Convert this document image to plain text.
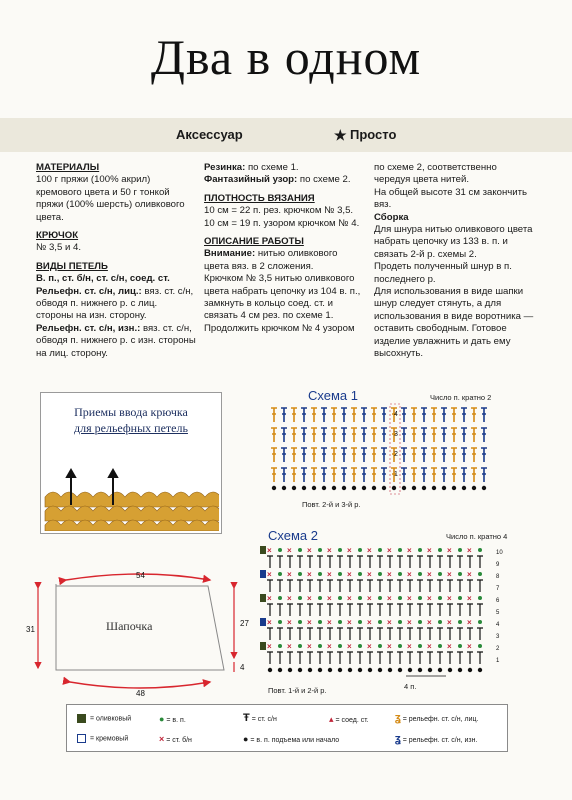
Два в одном
Аксессуар	★ Просто

МАТЕРИАЛЫ

100 г пряжи (100% акрил) кремового цвета и 50 г тонкой пряжи (100% шерсть) оливкового цвета.

КРЮЧОК

№ 3,5 и 4.

ВИДЫ ПЕТЕЛЬ

В. п., ст. б/н, ст. с/н, соед. ст.

Рельефн. ст. с/н, лиц.: вяз. ст. с/н, обводя п. нижнего р. с лиц. стороны на изн. сторону.

Рельефн. ст. с/н, изн.: вяз. ст. с/н, обводя п. нижнего р. с изн. стороны на лиц. сторону.

Резинка: по схеме 1.

Фантазийный узор: по схеме 2.

ПЛОТНОСТЬ ВЯЗАНИЯ

10 см = 22 п. рез. крючком № 3,5.

10 см = 19 п. узором крючком № 4.

ОПИСАНИЕ РАБОТЫ

Внимание: нитью оливкового цвета вяз. в 2 сложения.

Крючком № 3,5 нитью оливкового цвета набрать цепочку из 104 в. п., замкнуть в кольцо соед. ст. и связать 4 см рез. по схеме 1.

Продолжить крючком № 4 узором

по схеме 2, соответственно чередуя цвета нитей.

На общей высоте 31 см закончить вяз.

Сборка

Для шнура нитью оливкового цвета набрать цепочку из 133 в. п. и связать 2-й р. схемы 2.

Продеть полученный шнур в п. последнего р.

Для использования в виде шапки шнур следует стянуть, а для использования в виде воротника — оставить свободным. Готовое изделие увлажнить и дать ему высохнуть.

Приемы ввода крючка
для рельефных петель
54
48
31
27
4
Шапочка
Схема 1	Число п. кратно 2
4
3
2
1
Повт. 2-й и 3-й р.
Схема 2	Число п. кратно 4
× × × × × × × × × × ×
× × × × × × × × × × ×
× × × × × × × × × × ×
× × × × × × × × × × ×
× × × × × × × × × × ×
10
9
8
7
6
5
4
3
2
1
Повт. 1-й и 2-й р.	4 п.
= оливковый
= кремовый
● = в. п.
× = ст. б/н
Ŧ = ст. с/н
● = в. п. подъема или начало
▴ = соед. ст. ʓ = рельефн. ст. с/н, лиц.
ʓ = рельефн. ст. с/н, изн.
